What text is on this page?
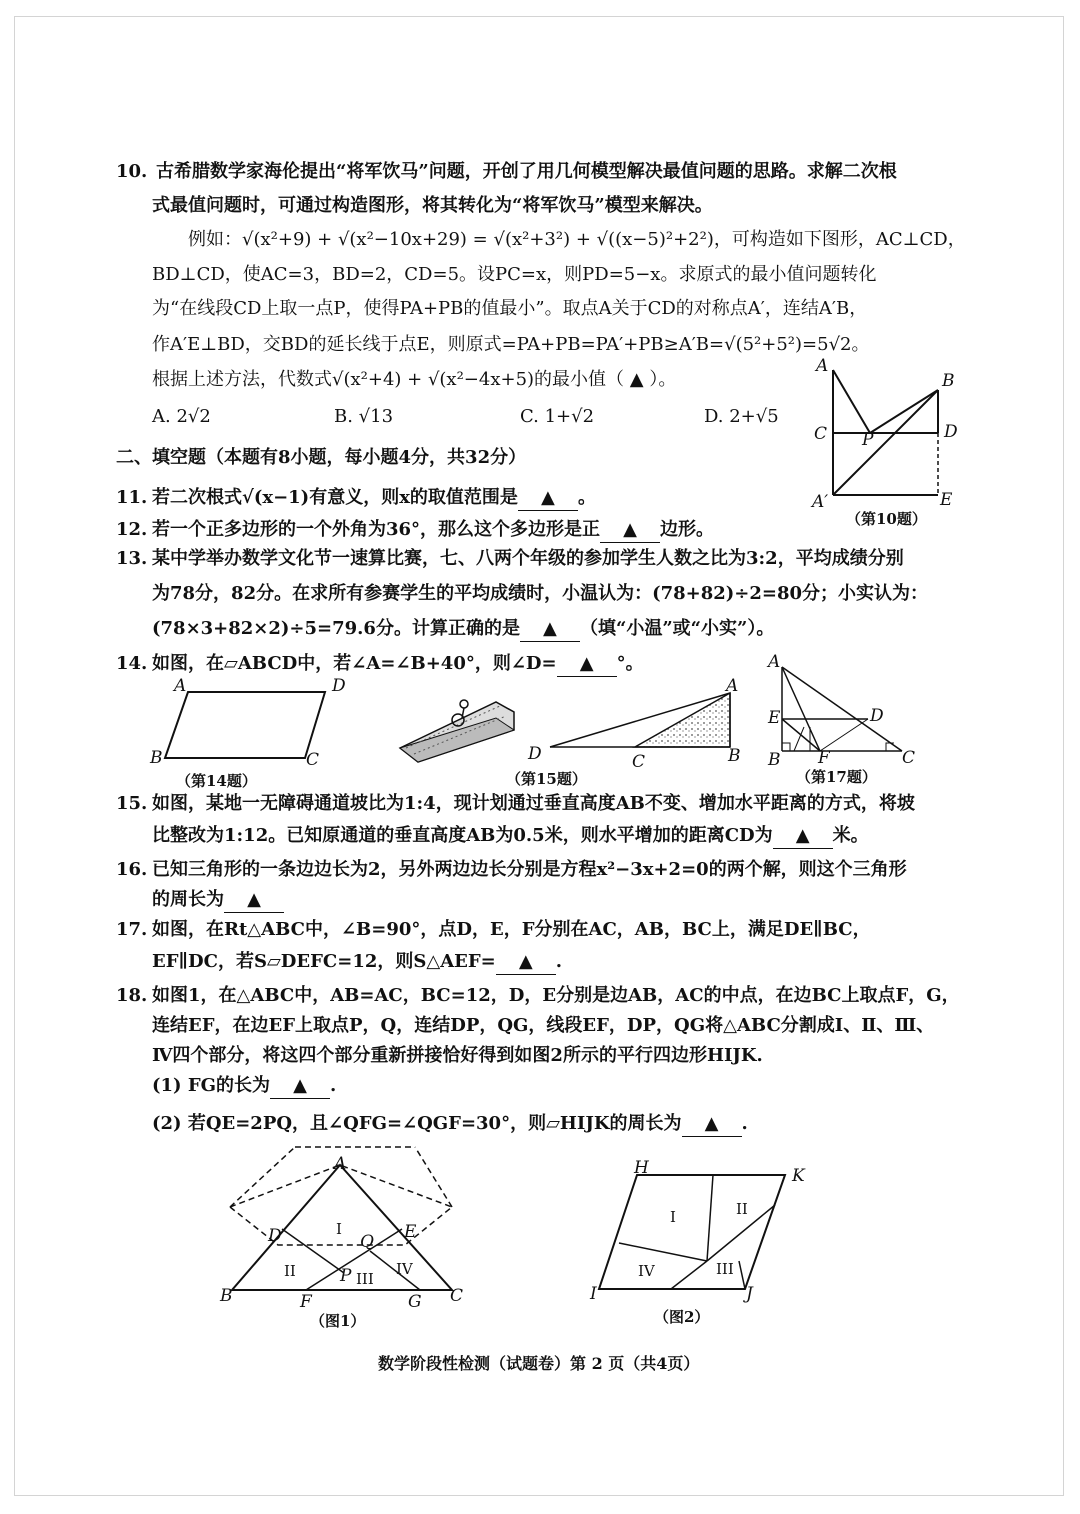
10. 古希腊数学家海伦提出“将军饮马”问题，开创了用几何模型解决最值问题的思路。求解二次根
式最值问题时，可通过构造图形，将其转化为“将军饮马”模型来解决。
例如：√(x²+9) + √(x²−10x+29) = √(x²+3²) + √((x−5)²+2²)，可构造如下图形，AC⊥CD，
BD⊥CD，使AC=3，BD=2，CD=5。设PC=x，则PD=5−x。求原式的最小值问题转化
为“在线段CD上取一点P，使得PA+PB的值最小”。取点A关于CD的对称点A′，连结A′B，
作A′E⊥BD，交BD的延长线于点E，则原式=PA+PB=PA′+PB≥A′B=√(5²+5²)=5√2。
根据上述方法，代数式√(x²+4) + √(x²−4x+5)的最小值（ ▲ ）。
A. 2√2	B. √13	C. 1+√2	D. 2+√5
A
B
C	D
P
A′	E
（第10题）
二、填空题（本题有8小题，每小题4分，共32分）
11. 若二次根式√(x−1)有意义，则x的取值范围是 ▲ 。
12. 若一个正多边形的一个外角为36°，那么这个多边形是正 ▲ 边形。
13. 某中学举办数学文化节一速算比赛，七、八两个年级的参加学生人数之比为3:2，平均成绩分别
为78分，82分。在求所有参赛学生的平均成绩时，小温认为：(78+82)÷2=80分；小实认为：
(78×3+82×2)÷5=79.6分。计算正确的是 ▲ （填“小温”或“小实”）。
14. 如图，在▱ABCD中，若∠A=∠B+40°，则∠D= ▲ °。
A	D
B	C
（第14题）
A
D	C	B
（第15题）
A
E	D
B F	C
（第17题）
15. 如图，某地一无障碍通道坡比为1:4，现计划通过垂直高度AB不变、增加水平距离的方式，将坡
比整改为1:12。已知原通道的垂直高度AB为0.5米，则水平增加的距离CD为 ▲ 米。
16. 已知三角形的一条边边长为2，另外两边边长分别是方程x²−3x+2=0的两个解，则这个三角形
的周长为 ▲
17. 如图，在Rt△ABC中，∠B=90°，点D，E，F分别在AC，AB，BC上，满足DE∥BC，
EF∥DC，若S▱DEFC=12，则S△AEF= ▲ .
18. 如图1，在△ABC中，AB=AC，BC=12，D，E分别是边AB，AC的中点，在边BC上取点F，G，
连结EF，在边EF上取点P，Q，连结DP，QG，线段EF，DP，QG将△ABC分割成Ⅰ、Ⅱ、Ⅲ、
Ⅳ四个部分，将这四个部分重新拼接恰好得到如图2所示的平行四边形HIJK.
(1) FG的长为 ▲ .
(2) 若QE=2PQ，且∠QFG=∠QGF=30°，则▱HIJK的周长为 ▲ .
A
D	E
Q
P
B	F	G C
I
II	III
IV
（图1）
H	K
I	J
I	II
III
IV
（图2）
数学阶段性检测（试题卷）第 2 页（共4页）
